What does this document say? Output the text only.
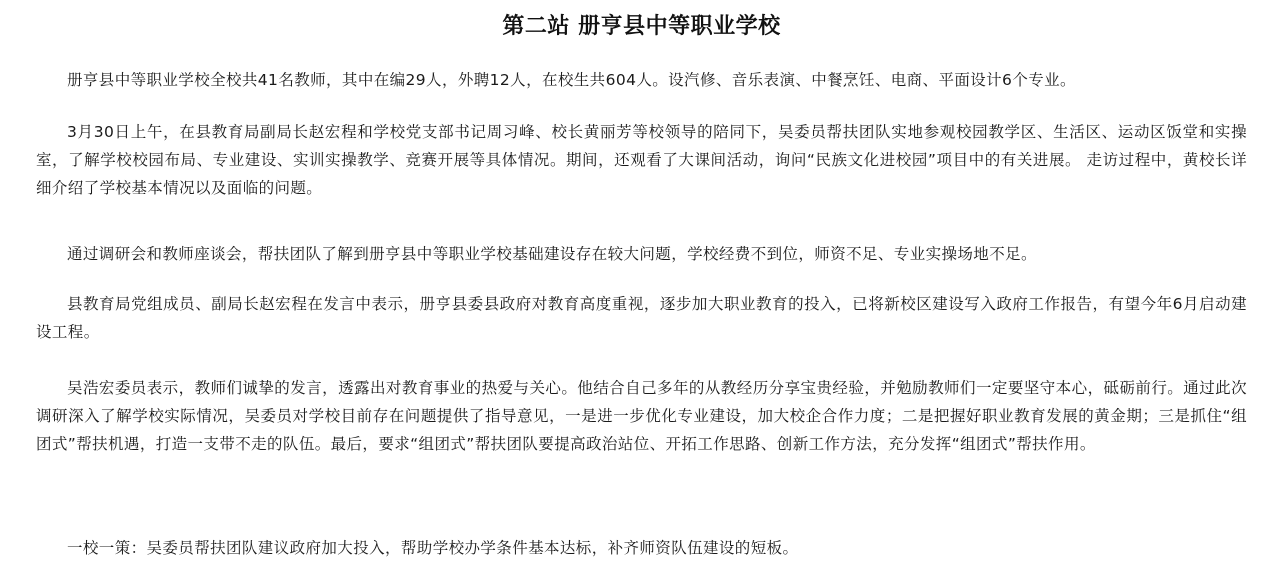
第二站 册亨县中等职业学校

册亨县中等职业学校全校共41名教师，其中在编29人，外聘12人，在校生共604人。设汽修、音乐表演、中餐烹饪、电商、平面设计6个专业。

3月30日上午，在县教育局副局长赵宏程和学校党支部书记周习峰、校长黄丽芳等校领导的陪同下，吴委员帮扶团队实地参观校园教学区、生活区、运动区饭堂和实操室，了解学校校园布局、专业建设、实训实操教学、竞赛开展等具体情况。期间，还观看了大课间活动，询问“民族文化进校园”项目中的有关进展。 走访过程中，黄校长详细介绍了学校基本情况以及面临的问题。

通过调研会和教师座谈会，帮扶团队了解到册亨县中等职业学校基础建设存在较大问题，学校经费不到位，师资不足、专业实操场地不足。

县教育局党组成员、副局长赵宏程在发言中表示，册亨县委县政府对教育高度重视，逐步加大职业教育的投入，已将新校区建设写入政府工作报告，有望今年6月启动建设工程。

吴浩宏委员表示，教师们诚挚的发言，透露出对教育事业的热爱与关心。他结合自己多年的从教经历分享宝贵经验，并勉励教师们一定要坚守本心，砥砺前行。通过此次调研深入了解学校实际情况，吴委员对学校目前存在问题提供了指导意见，一是进一步优化专业建设，加大校企合作力度；二是把握好职业教育发展的黄金期；三是抓住“组团式”帮扶机遇，打造一支带不走的队伍。最后，要求“组团式”帮扶团队要提高政治站位、开拓工作思路、创新工作方法，充分发挥“组团式”帮扶作用。

一校一策：吴委员帮扶团队建议政府加大投入，帮助学校办学条件基本达标，补齐师资队伍建设的短板。
